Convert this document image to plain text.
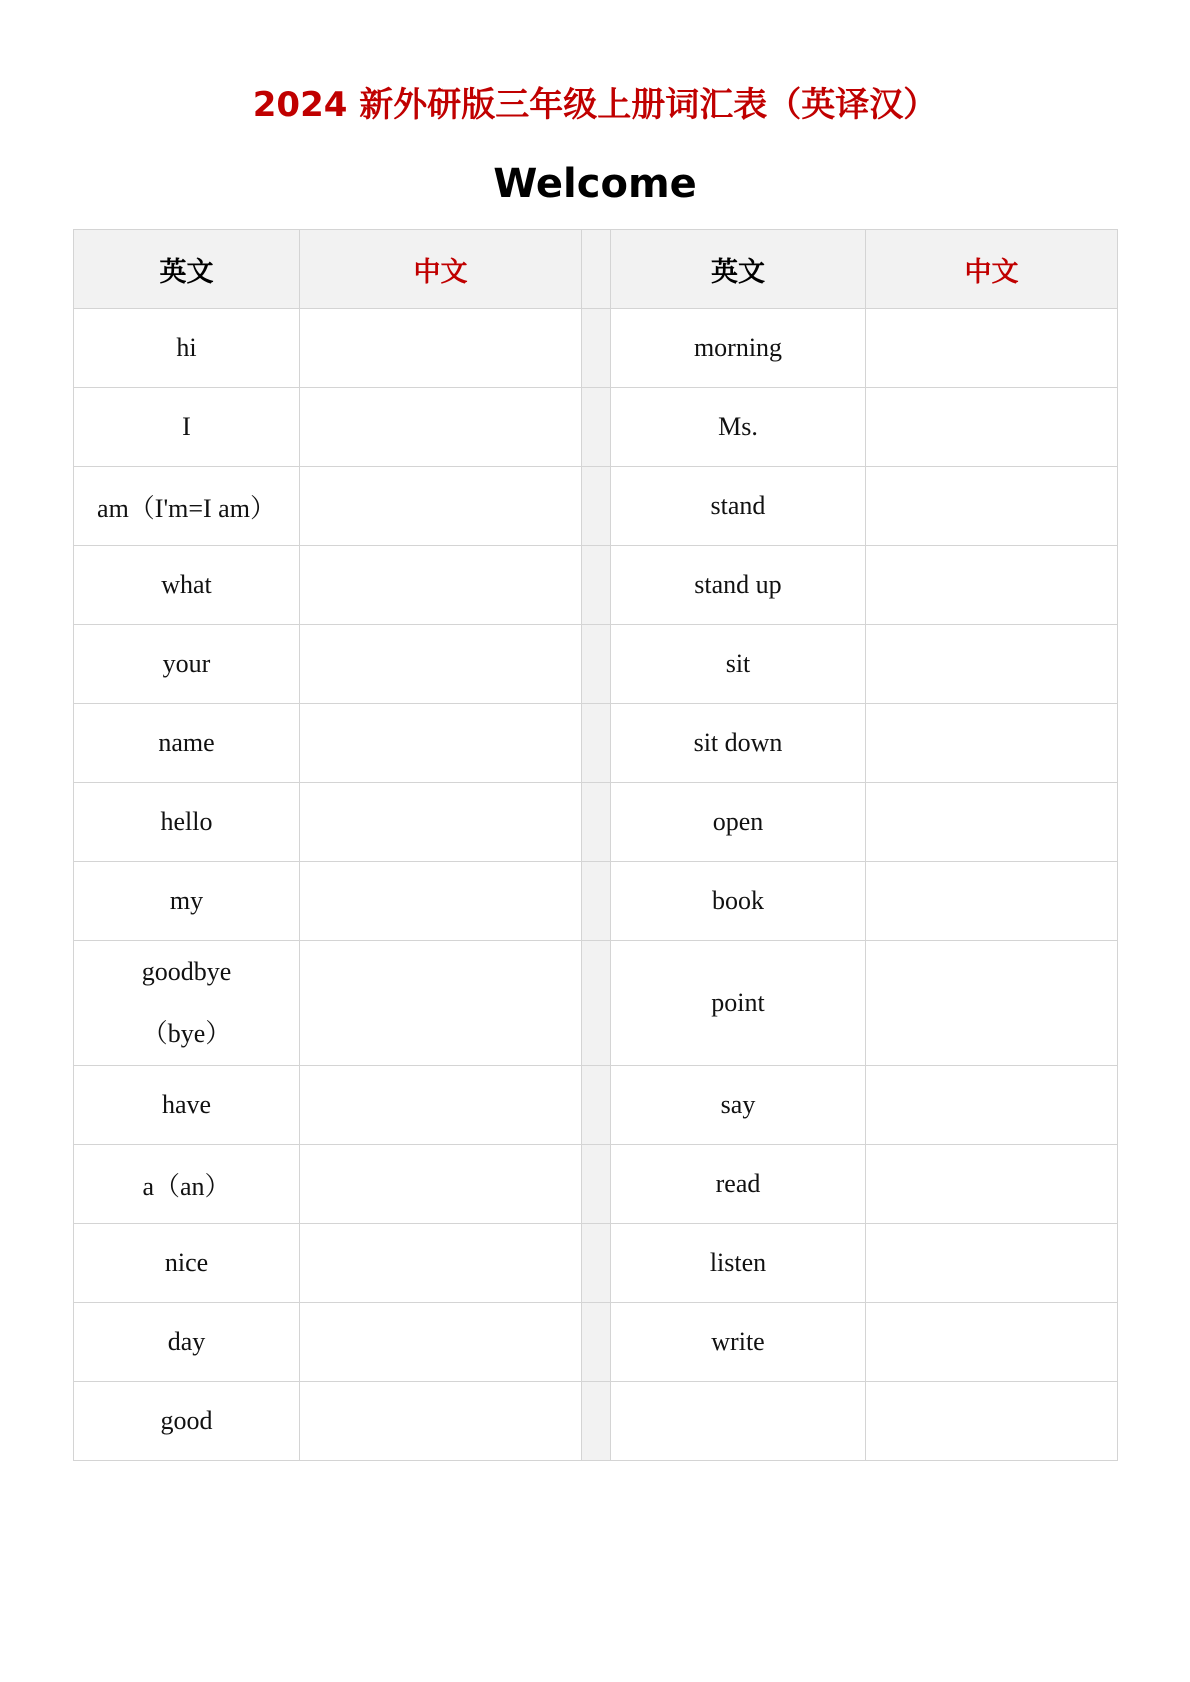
2024 新外研版三年级上册词汇表（英译汉）
Welcome
英文	中文		英文	中文
hi			morning	
I			Ms.	
am（I'm=I am）			stand	
what			stand up	
your			sit	
name			sit down	
hello			open	
my			book	

goodbye
（bye）			point	
have			say	
a（an）			read	
nice			listen	
day			write	
good				
